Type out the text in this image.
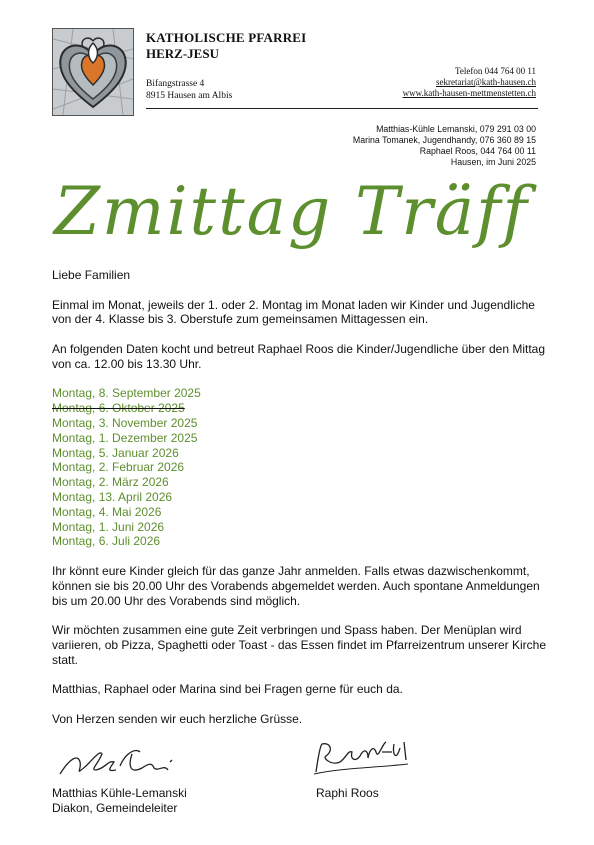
KATHOLISCHE PFARREI
HERZ-JESU
Bifangstrasse 4
8915 Hausen am Albis
Telefon 044 764 00 11
sekretariat@kath-hausen.ch
www.kath-hausen-mettmenstetten.ch
Matthias-Kühle Lemanski, 079 291 03 00
Marina Tomanek, Jugendhandy, 076 360 89 15
Raphael Roos, 044 764 00 11
Hausen, im Juni 2025
Zmittag Träff

Liebe Familien

Einmal im Monat, jeweils der 1. oder 2. Montag im Monat laden wir Kinder und Jugendliche von der 4. Klasse bis 3. Oberstufe zum gemeinsamen Mittagessen ein.

An folgenden Daten kocht und betreut Raphael Roos die Kinder/Jugendliche über den Mittag von ca. 12.00 bis 13.30 Uhr.

Montag, 8. September 2025
Montag, 6. Oktober 2025
Montag, 3. November 2025
Montag, 1. Dezember 2025
Montag, 5. Januar 2026
Montag, 2. Februar 2026
Montag, 2. März 2026
Montag, 13. April 2026
Montag, 4. Mai 2026
Montag, 1. Juni 2026
Montag, 6. Juli 2026

Ihr könnt eure Kinder gleich für das ganze Jahr anmelden. Falls etwas dazwischenkommt, können sie bis 20.00 Uhr des Vorabends abgemeldet werden. Auch spontane Anmeldungen bis um 20.00 Uhr des Vorabends sind möglich.

Wir möchten zusammen eine gute Zeit verbringen und Spass haben. Der Menüplan wird variieren, ob Pizza, Spaghetti oder Toast - das Essen findet im Pfarreizentrum unserer Kirche statt.

Matthias, Raphael oder Marina sind bei Fragen gerne für euch da.

Von Herzen senden wir euch herzliche Grüsse.

Matthias Kühle-Lemanski
Diakon, Gemeindeleiter
Raphi Roos
